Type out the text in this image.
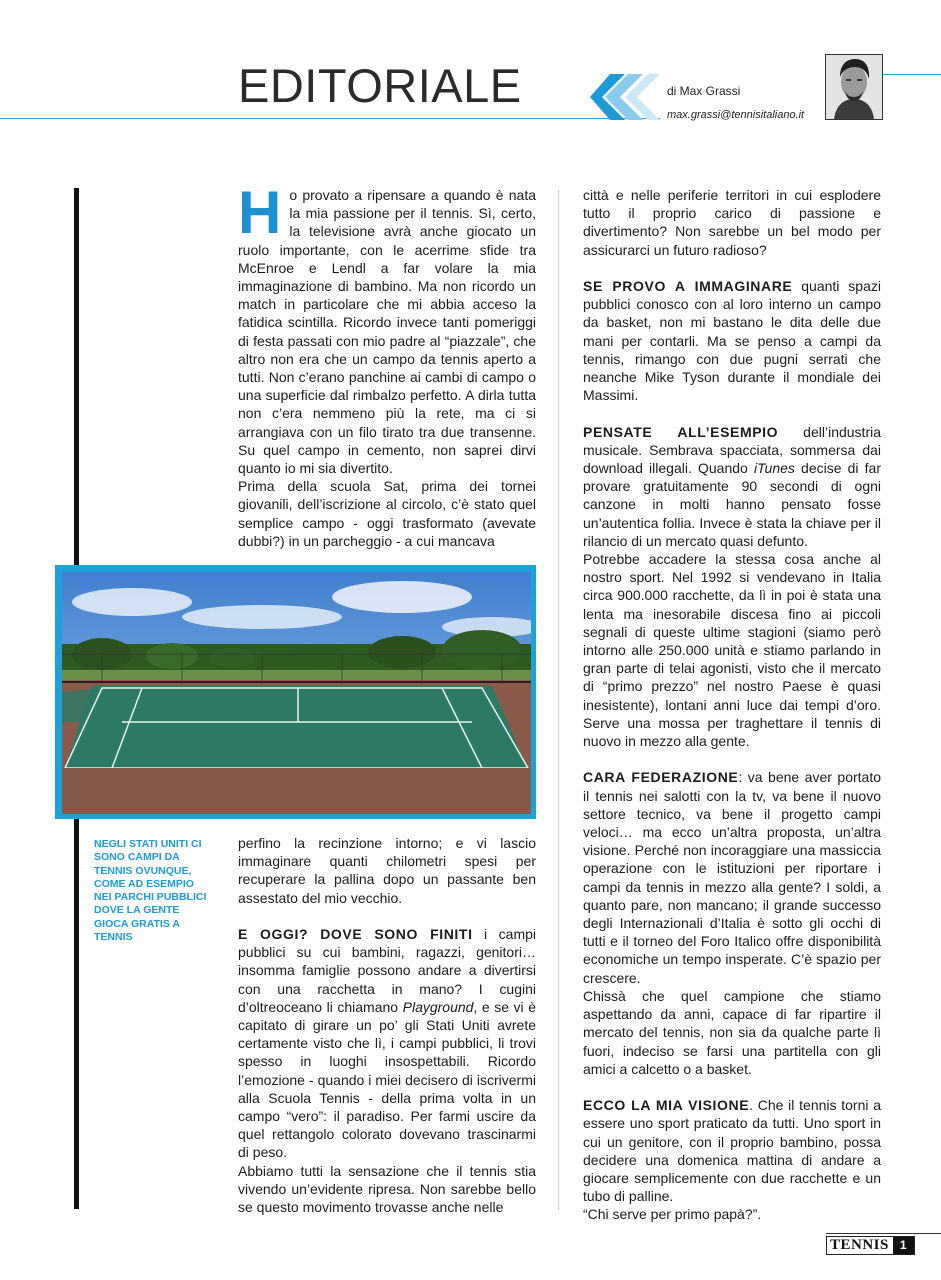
EDITORIALE	di Max Grassi
max.grassi@tennisitaliano.it
H o provato a ripensare a quando è nata la mia passione per il tennis. Sì, certo, la televisione avrà anche giocato un ruolo importante, con le acerrime sfide tra McEnroe e Lendl a far volare la mia immaginazione di bambino. Ma non ricordo un match in particolare che mi abbia acceso la fatidica scintilla. Ricordo invece tanti pomeriggi di festa passati con mio padre al “piazzale”, che altro non era che un campo da tennis aperto a tutti. Non c’erano panchine ai cambi di campo o una superficie dal rimbalzo perfetto. A dirla tutta non c’era nemmeno più la rete, ma ci si arrangiava con un filo tirato tra due transenne. Su quel campo in cemento, non saprei dirvi quanto io mi sia divertito.

Prima della scuola Sat, prima dei tornei giovanili, dell’iscrizione al circolo, c’è stato quel semplice campo - oggi trasformato (avevate dubbi?) in un parcheggio - a cui mancava

NEGLI STATI UNITI CI SONO CAMPI DA TENNIS OVUNQUE, COME AD ESEMPIO NEI PARCHI PUBBLICI DOVE LA GENTE GIOCA GRATIS A TENNIS

perfino la recinzione intorno; e vi lascio immaginare quanti chilometri spesi per recuperare la pallina dopo un passante ben assestato del mio vecchio.

E OGGI? DOVE SONO FINITI i campi pubblici su cui bambini, ragazzi, genitori… insomma famiglie possono andare a divertirsi con una racchetta in mano? I cugini d’oltreoceano li chiamano Playground, e se vi è capitato di girare un po’ gli Stati Uniti avrete certamente visto che lì, i campi pubblici, li trovi spesso in luoghi insospettabili. Ricordo l’emozione - quando i miei decisero di iscrivermi alla Scuola Tennis - della prima volta in un campo “vero”: il paradiso. Per farmi uscire da quel rettangolo colorato dovevano trascinarmi di peso.

Abbiamo tutti la sensazione che il tennis stia vivendo un’evidente ripresa. Non sarebbe bello se questo movimento trovasse anche nelle

città e nelle periferie territori in cui esplodere tutto il proprio carico di passione e divertimento? Non sarebbe un bel modo per assicurarci un futuro radioso?

SE PROVO A IMMAGINARE quanti spazi pubblici conosco con al loro interno un campo da basket, non mi bastano le dita delle due mani per contarli. Ma se penso a campi da tennis, rimango con due pugni serrati che neanche Mike Tyson durante il mondiale dei Massimi.

PENSATE ALL’ESEMPIO dell’industria musicale. Sembrava spacciata, sommersa dai download illegali. Quando iTunes decise di far provare gratuitamente 90 secondi di ogni canzone in molti hanno pensato fosse un’autentica follia. Invece è stata la chiave per il rilancio di un mercato quasi defunto.

Potrebbe accadere la stessa cosa anche al nostro sport. Nel 1992 si vendevano in Italia circa 900.000 racchette, da lì in poi è stata una lenta ma inesorabile discesa fino ai piccoli segnali di queste ultime stagioni (siamo però intorno alle 250.000 unità e stiamo parlando in gran parte di telai agonisti, visto che il mercato di “primo prezzo” nel nostro Paese è quasi inesistente), lontani anni luce dai tempi d’oro. Serve una mossa per traghettare il tennis di nuovo in mezzo alla gente.

CARA FEDERAZIONE: va bene aver portato il tennis nei salotti con la tv, va bene il nuovo settore tecnico, va bene il progetto campi veloci… ma ecco un’altra proposta, un’altra visione. Perché non incoraggiare una massiccia operazione con le istituzioni per riportare i campi da tennis in mezzo alla gente? I soldi, a quanto pare, non mancano; il grande successo degli Internazionali d’Italia è sotto gli occhi di tutti e il torneo del Foro Italico offre disponibilità economiche un tempo insperate. C’è spazio per crescere.

Chissà che quel campione che stiamo aspettando da anni, capace di far ripartire il mercato del tennis, non sia da qualche parte lì fuori, indeciso se farsi una partitella con gli amici a calcetto o a basket.

ECCO LA MIA VISIONE. Che il tennis torni a essere uno sport praticato da tutti. Uno sport in cui un genitore, con il proprio bambino, possa decidere una domenica mattina di andare a giocare semplicemente con due racchette e un tubo di palline.

“Chi serve per primo papà?”.

TENNIS 1
